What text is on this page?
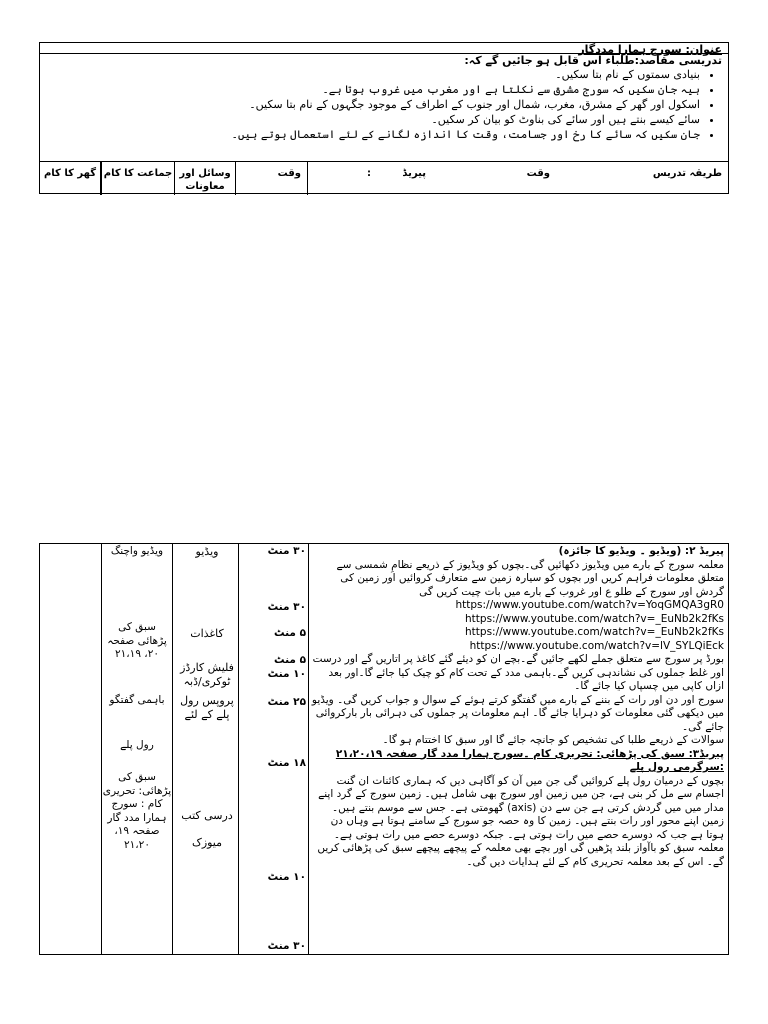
عنوان: سورج ہمارا مددگار
تدریسی مقاصد:طلباء اس قابل ہو جائیں گے کہ:
• بنیادی سمتوں کے نام بتا سکیں۔
• بیہ جان سکیں کہ سورج مشرق سے نکلتا ہے اور مغرب میں غروب ہوتا ہے۔
• اسکول اور گھر کے مشرق، مغرب، شمال اور جنوب کے اطراف کے موجود جگہوں کے نام بتا سکیں۔
• سائے کیسے بنتے ہیں اور سائے کی بناوٹ کو بیان کر سکیں۔
• جان سکیں کہ سائے کا رخ اور جسامت، وقت کا اندازہ لگانے کے لئے استعمال ہوتے ہیں۔
طریقہ تدریس
وقت
پیریڈ
:
وقت
وسائل اور معاونات
جماعت کا کام
گھر کا کام

پیریڈ ۲: (ویڈیو ۔ ویڈیو کا جائزہ)

معلمہ سورج کے بارے میں ویڈیوز دکھائیں گی۔بچوں کو ویڈیوز کے ذریعے نظامِ شمسی سے متعلق معلومات فراہم کریں اور بچوں کو سیارہ زمین سے متعارف کروائیں اور زمین کی گردش اور سورج کے طلو ع اور غروب کے بارے میں بات چیت کریں گی

https://www.youtube.com/watch?v=YoqGMQA3gR0

https://www.youtube.com/watch?v=_EuNb2k2fKs

https://www.youtube.com/watch?v=_EuNb2k2fKs

https://www.youtube.com/watch?v=lV_SYLQiEck

بورڈ پر سورج سے متعلق جملے لکھے جائیں گے۔بچے ان کو دیئے گئے کاغذ پر اتاریں گے اور درست اور غلط جملوں کی نشاندہی کریں گے۔باہمی مدد کے تحت کام کو چیک کیا جائے گا۔اور بعد ازاں کاپی میں چسپاں کیا جائے گا۔

سورج اور دن اور رات کے بننے کے بارے میں گفتگو کرتے ہوئے کے سوال و جواب کریں گی۔ ویڈیو میں دیکھی گئی معلومات کو دہرایا جائے گا۔ اہم معلومات پر جملوں کی دہرائی بار بارکروائی جائے گی۔

سوالات کے ذریعے طلبا کی تشخیص کو جانچہ جائے گا اور سبق کا اختتام ہو گا۔

پیریڈ۳: سبق کی پڑھائی: تحریری کام ۔سورج ہمارا مدد گار صفحہ ۲۱،۲۰،۱۹

:سرگرمی رول پلے

بچوں کے درمیان رول پلے کروائیں گی جن میں آن کو آگاہی دیں کہ ہماری کائنات ان گنت اجسام سے مل کر بنی ہے، جن میں زمین اور سورج بھی شامل ہیں۔ زمین سورج کے گرد اپنے مدار میں میں گردش کرتی ہے جن سے دن (axis) گھومتی ہے۔ جس سے موسم بنتے ہیں۔ زمین اپنے محور اور رات بنتے ہیں۔ زمین کا وہ حصہ جو سورج کے سامنے ہوتا ہے وہاں دن ہوتا ہے جب کہ دوسرے حصے میں رات ہوتی ہے۔ جبکہ دوسرے حصے میں رات ہوتی ہے۔

معلمہ سبق کو باآواز بلند پڑھیں گی اور بچے بھی معلمہ کے پیچھے پیچھے سبق کی پڑھائی کریں گے۔ اس کے بعد معلمہ تحریری کام کے لئے ہدایات دیں گی۔

۳۰ منٹ
۳۰ منٹ
۵ منٹ
۵ منٹ
۱۰ منٹ
۲۵ منٹ
۱۸ منٹ
۱۰ منٹ
۳۰ منٹ
ویڈیو
کاغذات
فلیش کارڈز ٹوکری/ڈبہ
پروپس رول پلے کے لئے
درسی کتب
میوزک
ویڈیو واچنگ
سبق کی پڑھائی صفحہ ۲۰، ۲۱،۱۹
باہمی گفتگو
رول پلے
سبق کی پڑھائی: تحریری کام : سورج ہمارا مدد گار صفحہ ۱۹، ۲۱،۲۰
